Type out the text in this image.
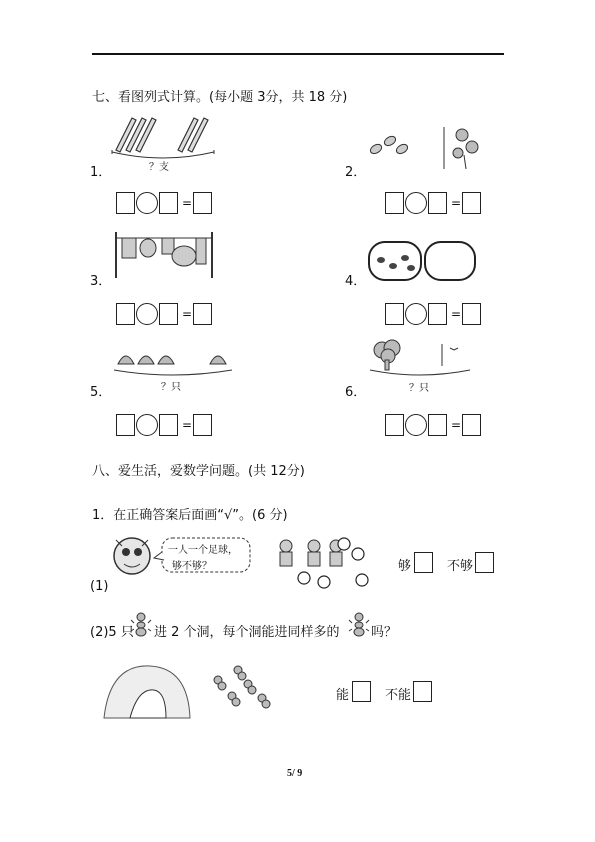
七、看图列式计算。(每小题 3分，共 18 分)
1．	？支
=
2．
=
3．
=
4．
=
5．	？只
=
6．	？只
=
八、爱生活，爱数学问题。(共 12分)
1．在正确答案后面画“√”。(6 分)
一人一个足球，
够不够？
(1)
够	不够
(2)5 只 进 2 个洞，每个洞能进同样多的 吗？
能	不能
5/ 9
